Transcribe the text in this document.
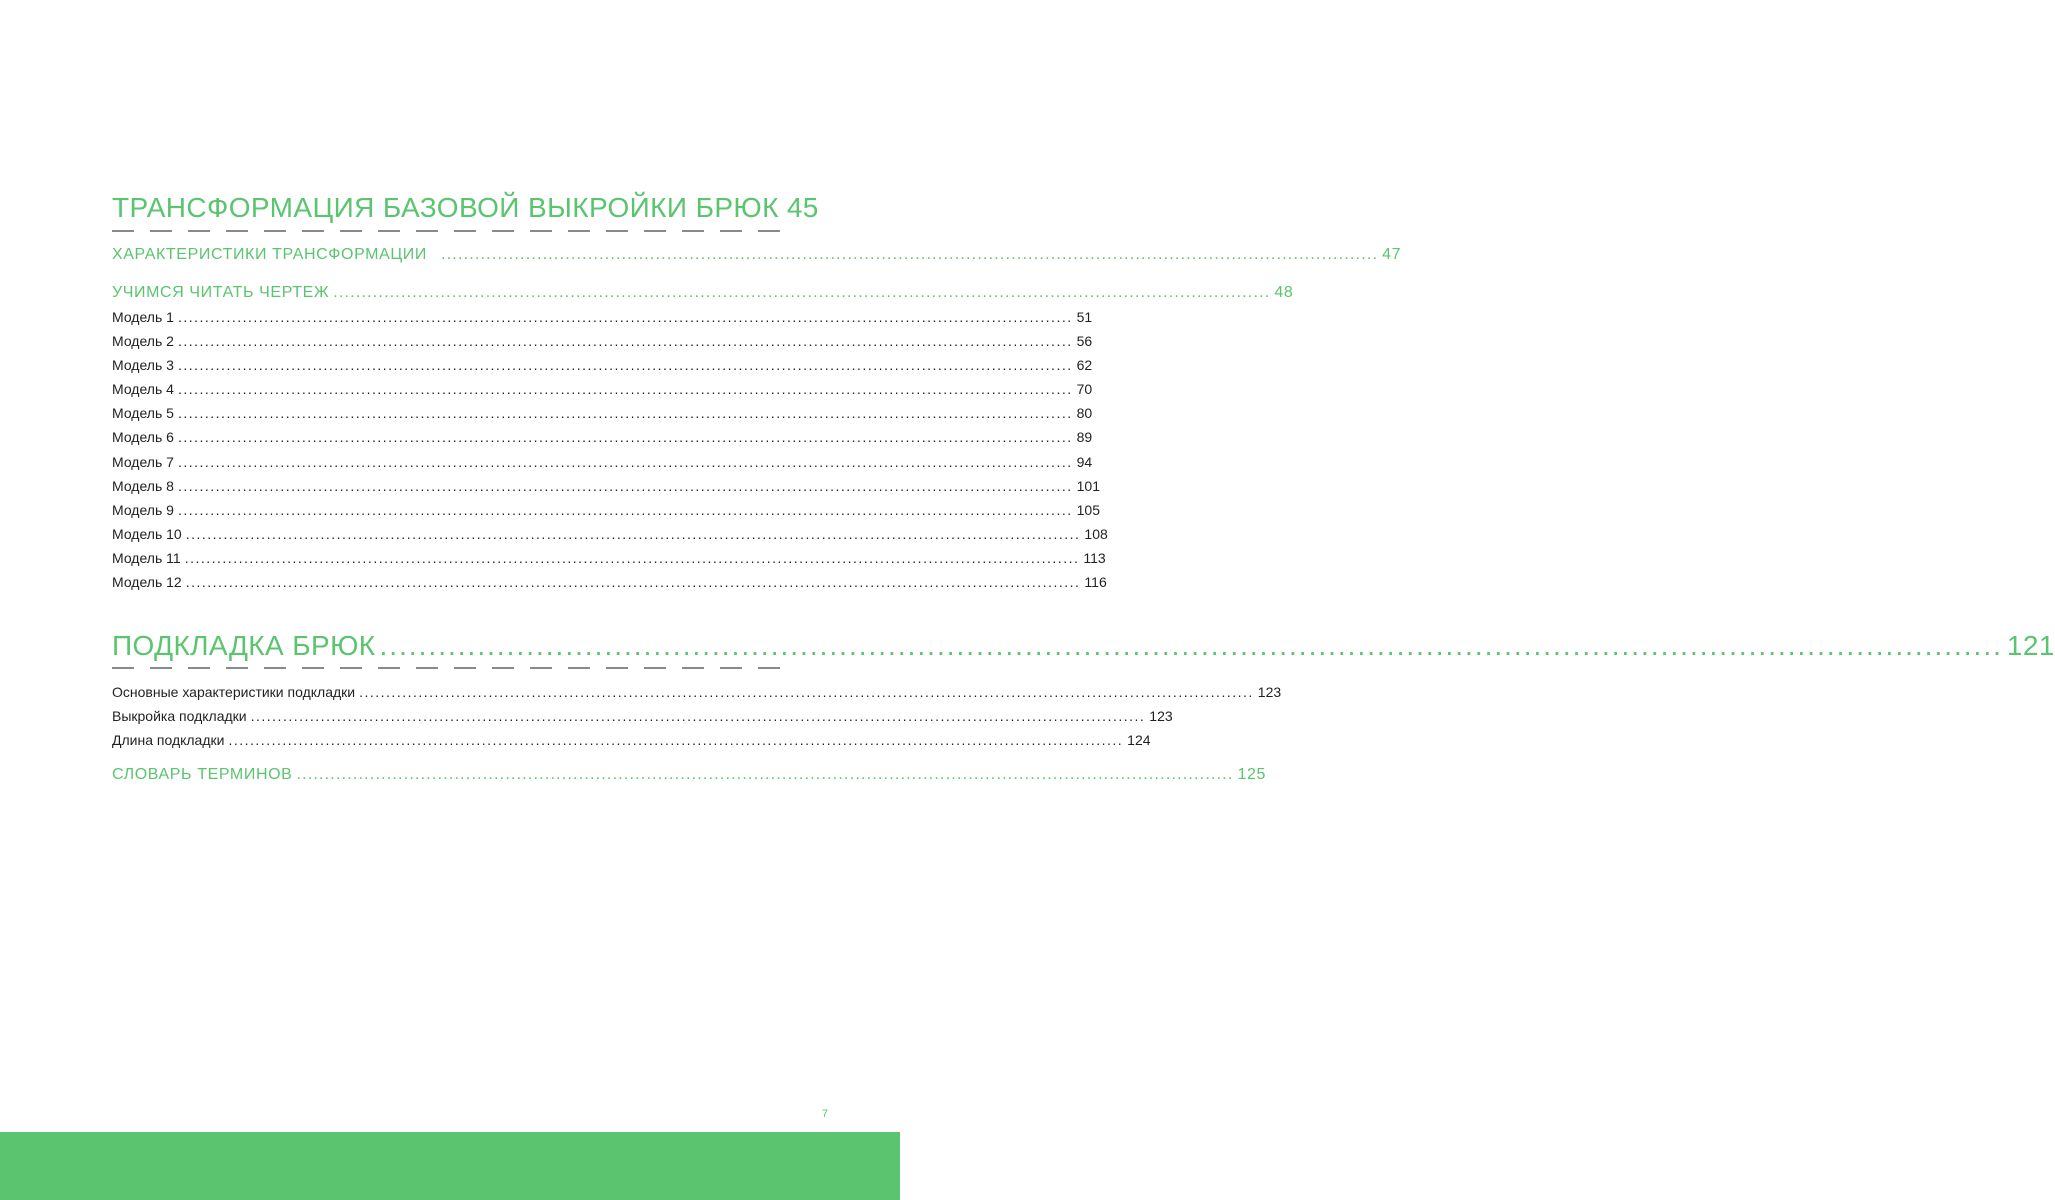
ТРАНСФОРМАЦИЯ БАЗОВОЙ ВЫКРОЙКИ БРЮК 45
ХАРАКТЕРИСТИКИ ТРАНСФОРМАЦИИ ...................................................................................................................................................................... 47
УЧИМСЯ ЧИТАТЬ ЧЕРТЕЖ ...................................................................................................................................................................... 48
Модель 1 ...................................................................................................................................................................... 51
Модель 2 ...................................................................................................................................................................... 56
Модель 3 ...................................................................................................................................................................... 62
Модель 4 ...................................................................................................................................................................... 70
Модель 5 ...................................................................................................................................................................... 80
Модель 6 ...................................................................................................................................................................... 89
Модель 7 ...................................................................................................................................................................... 94
Модель 8 ...................................................................................................................................................................... 101
Модель 9 ...................................................................................................................................................................... 105
Модель 10 ...................................................................................................................................................................... 108
Модель 11 ...................................................................................................................................................................... 113
Модель 12 ...................................................................................................................................................................... 116
ПОДКЛАДКА БРЮК ...................................................................................................................................................................... 121
Основные характеристики подкладки ...................................................................................................................................................................... 123
Выкройка подкладки ...................................................................................................................................................................... 123
Длина подкладки ...................................................................................................................................................................... 124
СЛОВАРЬ ТЕРМИНОВ ...................................................................................................................................................................... 125
7
